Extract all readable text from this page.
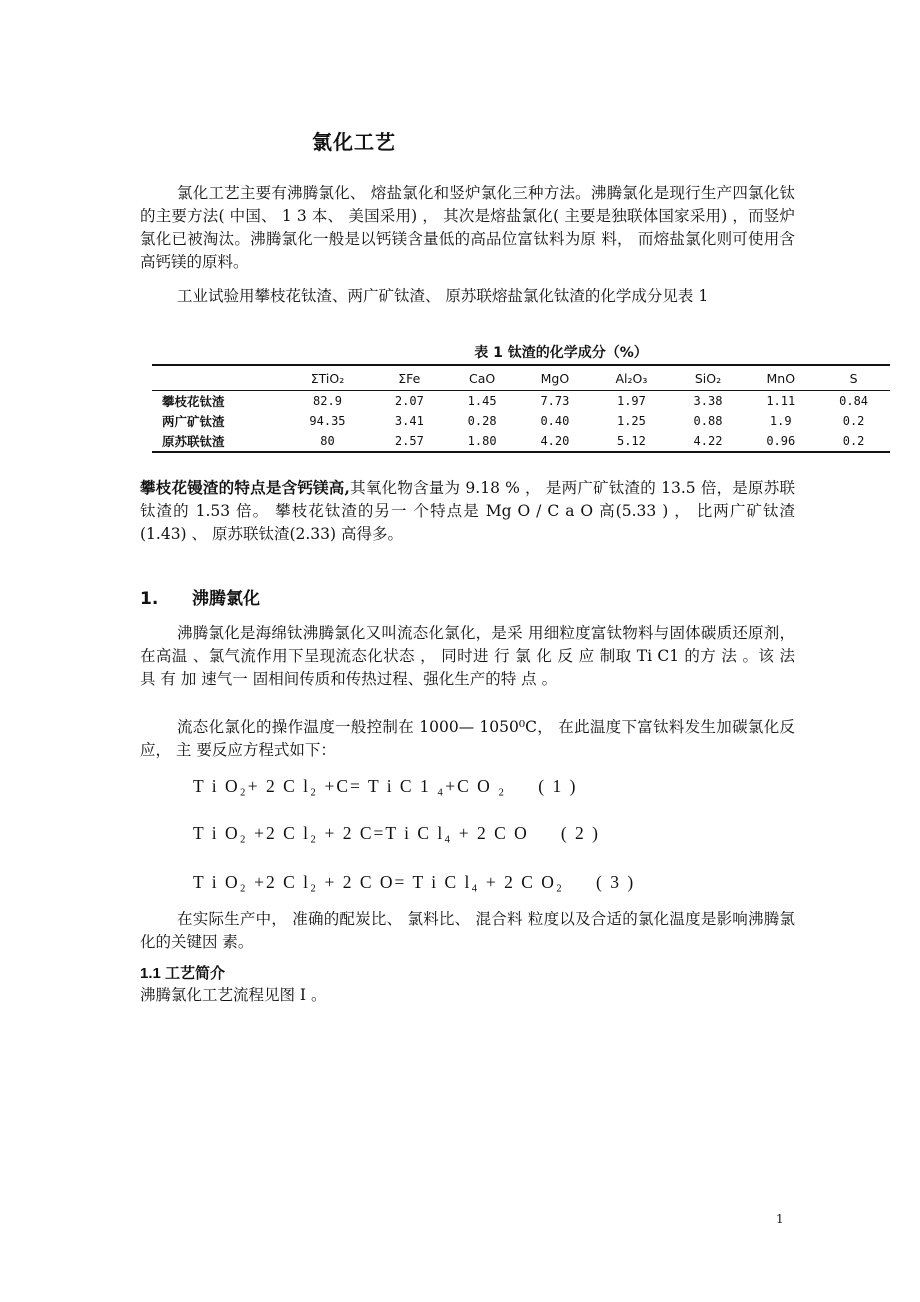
氯化工艺

氯化工艺主要有沸腾氯化、 熔盐氯化和竖炉氯化三种方法。沸腾氯化是现行生产四氯化钛的主要方法( 中国、 1 3 本、 美国采用) ， 其次是熔盐氯化( 主要是独联体国家采用) ，而竖炉氯化已被淘汰。沸腾氯化一般是以钙镁含量低的高品位富钛料为原 料， 而熔盐氯化则可使用含高钙镁的原料。

工业试验用攀枝花钛渣、两广矿钛渣、 原苏联熔盐氯化钛渣的化学成分见表 1

表 1 钛渣的化学成分（%）
	ΣTiO₂	ΣFe	CaO	MgO	Al₂O₃	SiO₂	MnO	S
攀枝花钛渣	82.9	2.07	1.45	7.73	1.97	3.38	1.11	0.84
两广矿钛渣	94.35	3.41	0.28	0.40	1.25	0.88	1.9	0.2
原苏联钛渣	80	2.57	1.80	4.20	5.12	4.22	0.96	0.2

攀枝花镘渣的特点是含钙镁高,其氧化物含量为 9.18 % ， 是两广矿钛渣的 13.5 倍，是原苏联钛渣的 1.53 倍。 攀枝花钛渣的另一 个特点是 Mg O / C a O 高(5.33 ) ， 比两广矿钛渣(1.43) 、 原苏联钛渣(2.33) 高得多。

1. 沸腾氯化

沸腾氯化是海绵钛沸腾氯化又叫流态化氯化，是采 用细粒度富钛物料与固体碳质还原剂，在高温 、氯气流作用下呈现流态化状态 ， 同时进 行 氯 化 反 应 制取 Ti C1 的方 法 。该 法 具 有 加 速气一 固相间传质和传热过程、强化生产的特 点 。

流态化氯化的操作温度一般控制在 1000— 1050⁰C， 在此温度下富钛料发生加碳氯化反应， 主 要反应方程式如下：

T i O₂+ 2 C l₂ +C= T i C 1 ₄+C O ₂ ( 1 )
T i O₂ +2 C l₂ + 2 C=T i C l₄ + 2 C O ( 2 )
T i O₂ +2 C l₂ + 2 C O= T i C l₄ + 2 C O₂ ( 3 )

在实际生产中， 准确的配炭比、 氯料比、 混合料 粒度以及合适的氯化温度是影响沸腾氯化的关键因 素。

1.1 工艺简介

沸腾氯化工艺流程见图 I 。

1
